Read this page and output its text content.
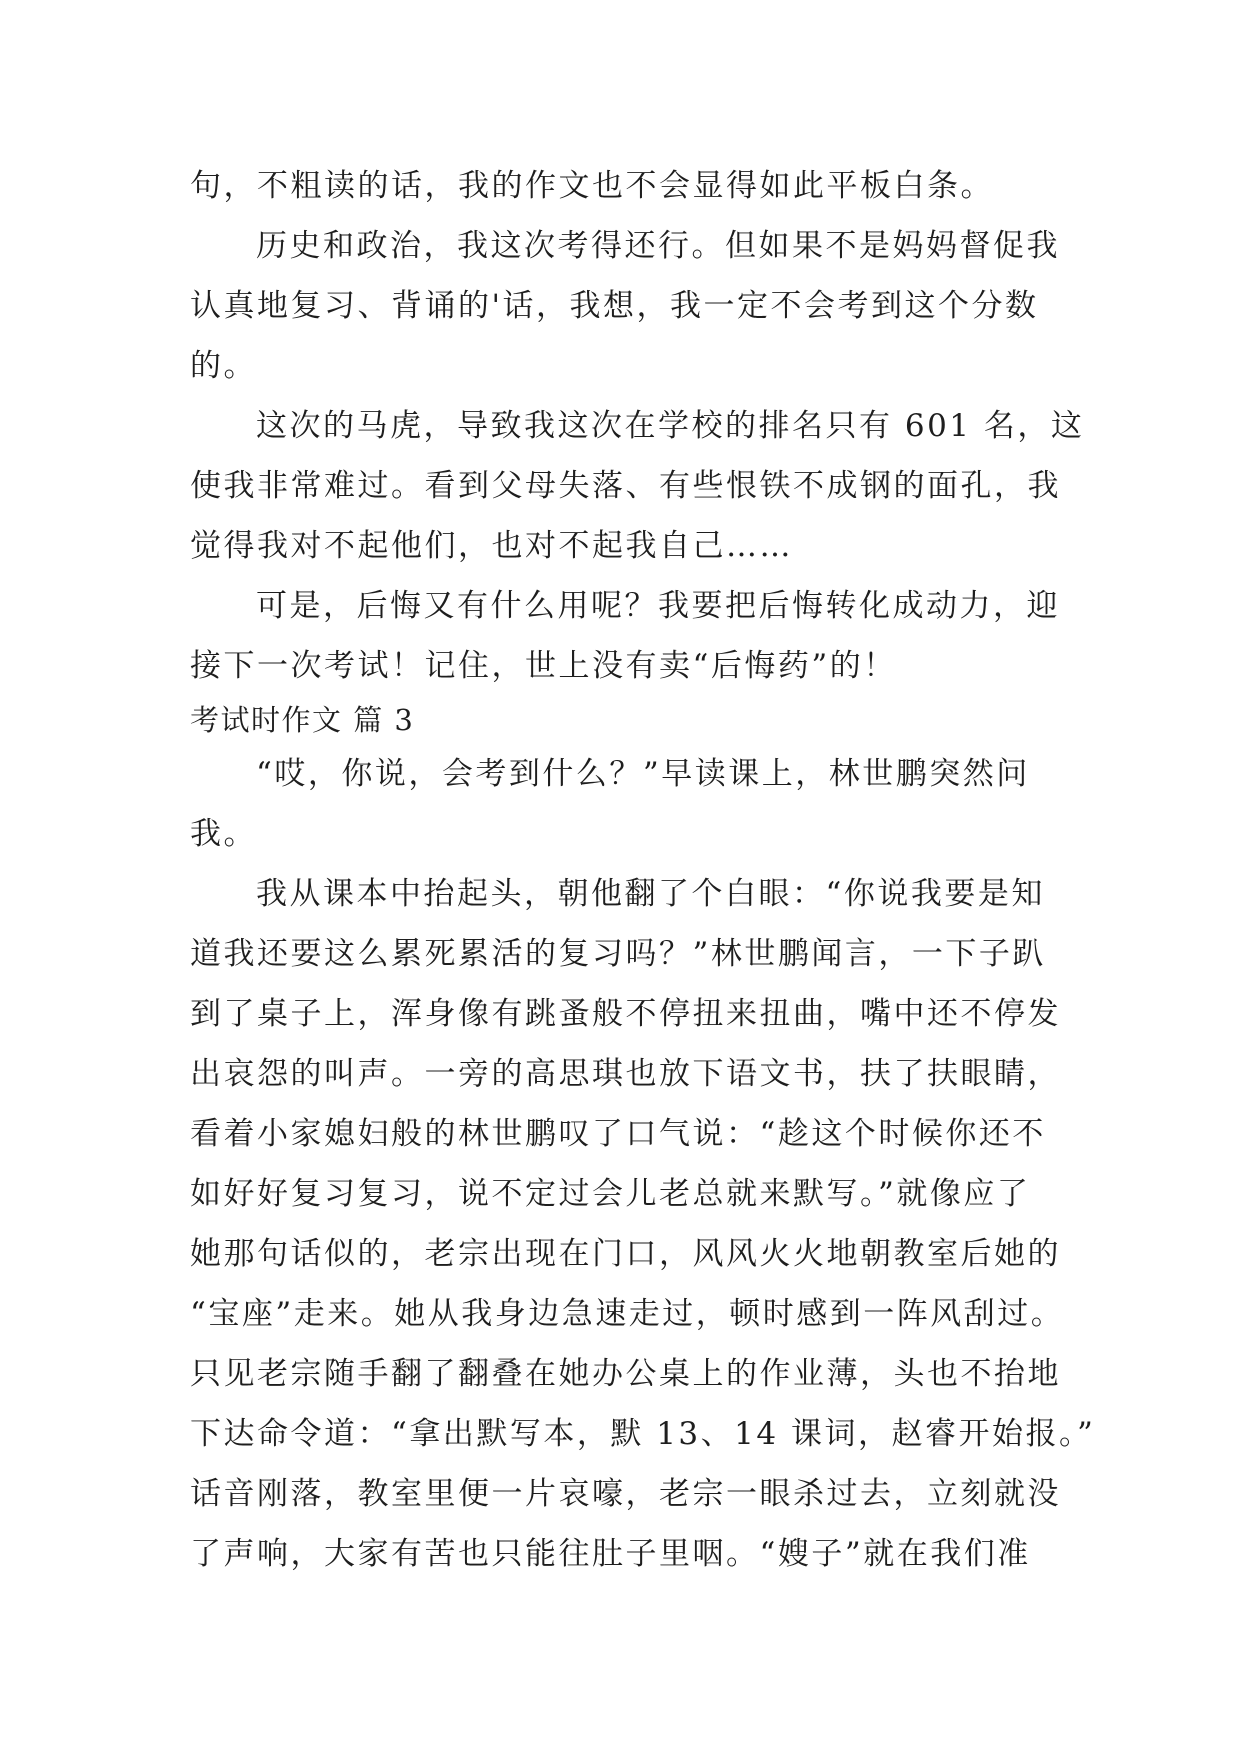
句，不粗读的话，我的作文也不会显得如此平板白条。
历史和政治，我这次考得还行。但如果不是妈妈督促我
认真地复习、背诵的'话，我想，我一定不会考到这个分数
的。
这次的马虎，导致我这次在学校的排名只有 601 名，这
使我非常难过。看到父母失落、有些恨铁不成钢的面孔，我
觉得我对不起他们，也对不起我自己……
可是，后悔又有什么用呢？我要把后悔转化成动力，迎
接下一次考试！记住，世上没有卖“后悔药”的！
考试时作文 篇 3
“哎，你说，会考到什么？”早读课上，林世鹏突然问
我。
我从课本中抬起头，朝他翻了个白眼：“你说我要是知
道我还要这么累死累活的复习吗？”林世鹏闻言，一下子趴
到了桌子上，浑身像有跳蚤般不停扭来扭曲，嘴中还不停发
出哀怨的叫声。一旁的高思琪也放下语文书，扶了扶眼睛，
看着小家媳妇般的林世鹏叹了口气说：“趁这个时候你还不
如好好复习复习，说不定过会儿老总就来默写。”就像应了
她那句话似的，老宗出现在门口，风风火火地朝教室后她的
“宝座”走来。她从我身边急速走过，顿时感到一阵风刮过。
只见老宗随手翻了翻叠在她办公桌上的作业薄，头也不抬地
下达命令道：“拿出默写本，默 13、14 课词，赵睿开始报。”
话音刚落，教室里便一片哀嚎，老宗一眼杀过去，立刻就没
了声响，大家有苦也只能往肚子里咽。“嫂子”就在我们准
